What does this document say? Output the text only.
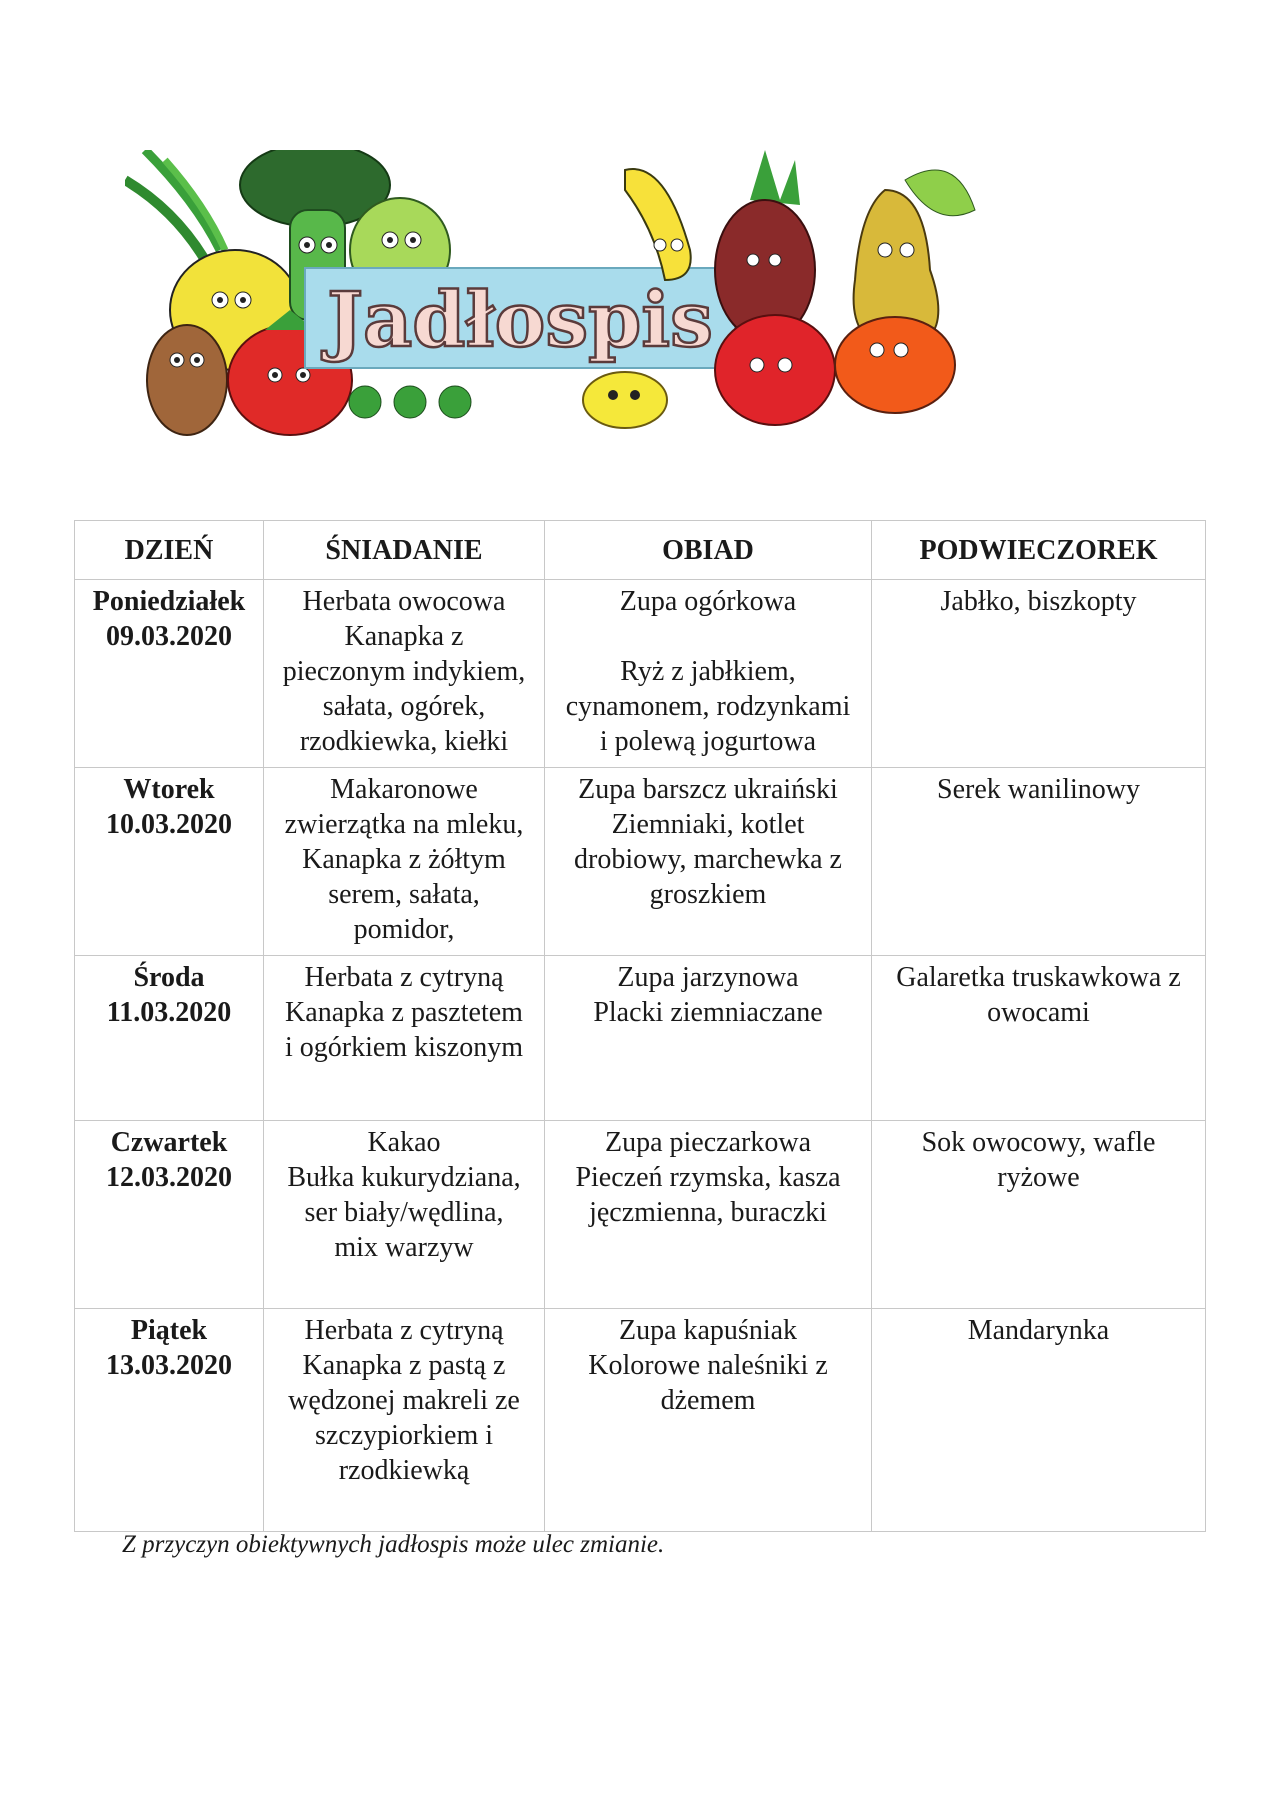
Jadłospis
DZIEŃ	ŚNIADANIE	OBIAD	PODWIECZOREK

Poniedziałek
09.03.2020	Herbata owocowa
Kanapka z
pieczonym indykiem,
sałata, ogórek,
rzodkiewka, kiełki	Zupa ogórkowa
Ryż z jabłkiem,
cynamonem, rodzynkami
i polewą jogurtowa	Jabłko, biszkopty

Wtorek
10.03.2020	Makaronowe
zwierzątka na mleku,
Kanapka z żółtym
serem, sałata,
pomidor,	Zupa barszcz ukraiński
Ziemniaki, kotlet
drobiowy, marchewka z
groszkiem	Serek wanilinowy

Środa
11.03.2020	Herbata z cytryną
Kanapka z pasztetem
i ogórkiem kiszonym	Zupa jarzynowa
Placki ziemniaczane	Galaretka truskawkowa z
owocami

Czwartek
12.03.2020	Kakao
Bułka kukurydziana,
ser biały/wędlina,
mix warzyw	Zupa pieczarkowa
Pieczeń rzymska, kasza
jęczmienna, buraczki	Sok owocowy, wafle
ryżowe

Piątek
13.03.2020	Herbata z cytryną
Kanapka z pastą z
wędzonej makreli ze
szczypiorkiem i
rzodkiewką	Zupa kapuśniak
Kolorowe naleśniki z
dżemem	Mandarynka
Z przyczyn obiektywnych jadłospis może ulec zmianie.
